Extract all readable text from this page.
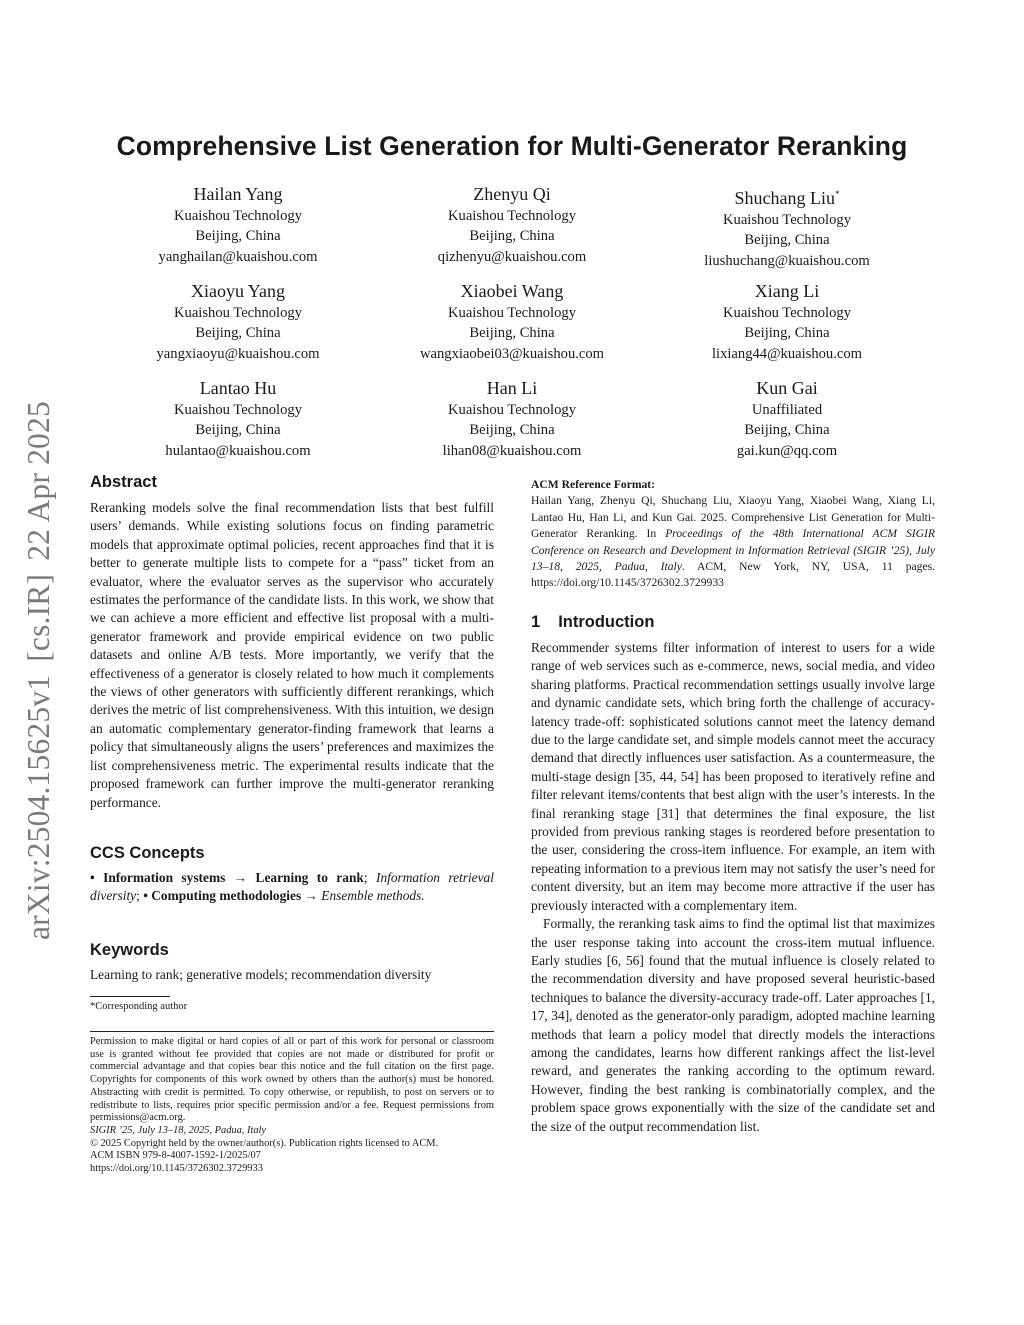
Comprehensive List Generation for Multi-Generator Reranking
Hailan Yang
Kuaishou Technology
Beijing, China
yanghailan@kuaishou.com
Zhenyu Qi
Kuaishou Technology
Beijing, China
qizhenyu@kuaishou.com
Shuchang Liu*
Kuaishou Technology
Beijing, China
liushuchang@kuaishou.com
Xiaoyu Yang
Kuaishou Technology
Beijing, China
yangxiaoyu@kuaishou.com
Xiaobei Wang
Kuaishou Technology
Beijing, China
wangxiaobei03@kuaishou.com
Xiang Li
Kuaishou Technology
Beijing, China
lixiang44@kuaishou.com
Lantao Hu
Kuaishou Technology
Beijing, China
hulantao@kuaishou.com
Han Li
Kuaishou Technology
Beijing, China
lihan08@kuaishou.com
Kun Gai
Unaffiliated
Beijing, China
gai.kun@qq.com
arXiv:2504.15625v1[cs.IR]22 Apr 2025 Abstract

Reranking models solve the final recommendation lists that best fulfill users’ demands. While existing solutions focus on finding parametric models that approximate optimal policies, recent approaches find that it is better to generate multiple lists to compete for a “pass” ticket from an evaluator, where the evaluator serves as the supervisor who accurately estimates the performance of the candidate lists. In this work, we show that we can achieve a more efficient and effective list proposal with a multi-generator framework and provide empirical evidence on two public datasets and online A/B tests. More importantly, we verify that the effectiveness of a generator is closely related to how much it complements the views of other generators with sufficiently different rerankings, which derives the metric of list comprehensiveness. With this intuition, we design an automatic complementary generator-finding framework that learns a policy that simultaneously aligns the users’ preferences and maximizes the list comprehensiveness metric. The experimental results indicate that the proposed framework can further improve the multi-generator reranking performance.

CCS Concepts

• Information systems → Learning to rank; Information retrieval diversity; • Computing methodologies → Ensemble methods.

Keywords

Learning to rank; generative models; recommendation diversity

*Corresponding author

Permission to make digital or hard copies of all or part of this work for personal or classroom use is granted without fee provided that copies are not made or distributed for profit or commercial advantage and that copies bear this notice and the full citation on the first page. Copyrights for components of this work owned by others than the author(s) must be honored. Abstracting with credit is permitted. To copy otherwise, or republish, to post on servers or to redistribute to lists, requires prior specific permission and/or a fee. Request permissions from permissions@acm.org.

SIGIR ’25, July 13–18, 2025, Padua, Italy

© 2025 Copyright held by the owner/author(s). Publication rights licensed to ACM.

ACM ISBN 979-8-4007-1592-1/2025/07

https://doi.org/10.1145/3726302.3729933

ACM Reference Format:

Hailan Yang, Zhenyu Qi, Shuchang Liu, Xiaoyu Yang, Xiaobei Wang, Xiang Li, Lantao Hu, Han Li, and Kun Gai. 2025. Comprehensive List Generation for Multi-Generator Reranking. In Proceedings of the 48th International ACM SIGIR Conference on Research and Development in Information Retrieval (SIGIR ’25), July 13–18, 2025, Padua, Italy. ACM, New York, NY, USA, 11 pages. https://doi.org/10.1145/3726302.3729933

1 Introduction

Recommender systems filter information of interest to users for a wide range of web services such as e-commerce, news, social media, and video sharing platforms. Practical recommendation settings usually involve large and dynamic candidate sets, which bring forth the challenge of accuracy-latency trade-off: sophisticated solutions cannot meet the latency demand due to the large candidate set, and simple models cannot meet the accuracy demand that directly influences user satisfaction. As a countermeasure, the multi-stage design [35, 44, 54] has been proposed to iteratively refine and filter relevant items/contents that best align with the user’s interests. In the final reranking stage [31] that determines the final exposure, the list provided from previous ranking stages is reordered before presentation to the user, considering the cross-item influence. For example, an item with repeating information to a previous item may not satisfy the user’s need for content diversity, but an item may become more attractive if the user has previously interacted with a complementary item.

Formally, the reranking task aims to find the optimal list that maximizes the user response taking into account the cross-item mutual influence. Early studies [6, 56] found that the mutual influence is closely related to the recommendation diversity and have proposed several heuristic-based techniques to balance the diversity-accuracy trade-off. Later approaches [1, 17, 34], denoted as the generator-only paradigm, adopted machine learning methods that learn a policy model that directly models the interactions among the candidates, learns how different rankings affect the list-level reward, and generates the ranking according to the optimum reward. However, finding the best ranking is combinatorially complex, and the problem space grows exponentially with the size of the candidate set and the size of the output recommendation list.
